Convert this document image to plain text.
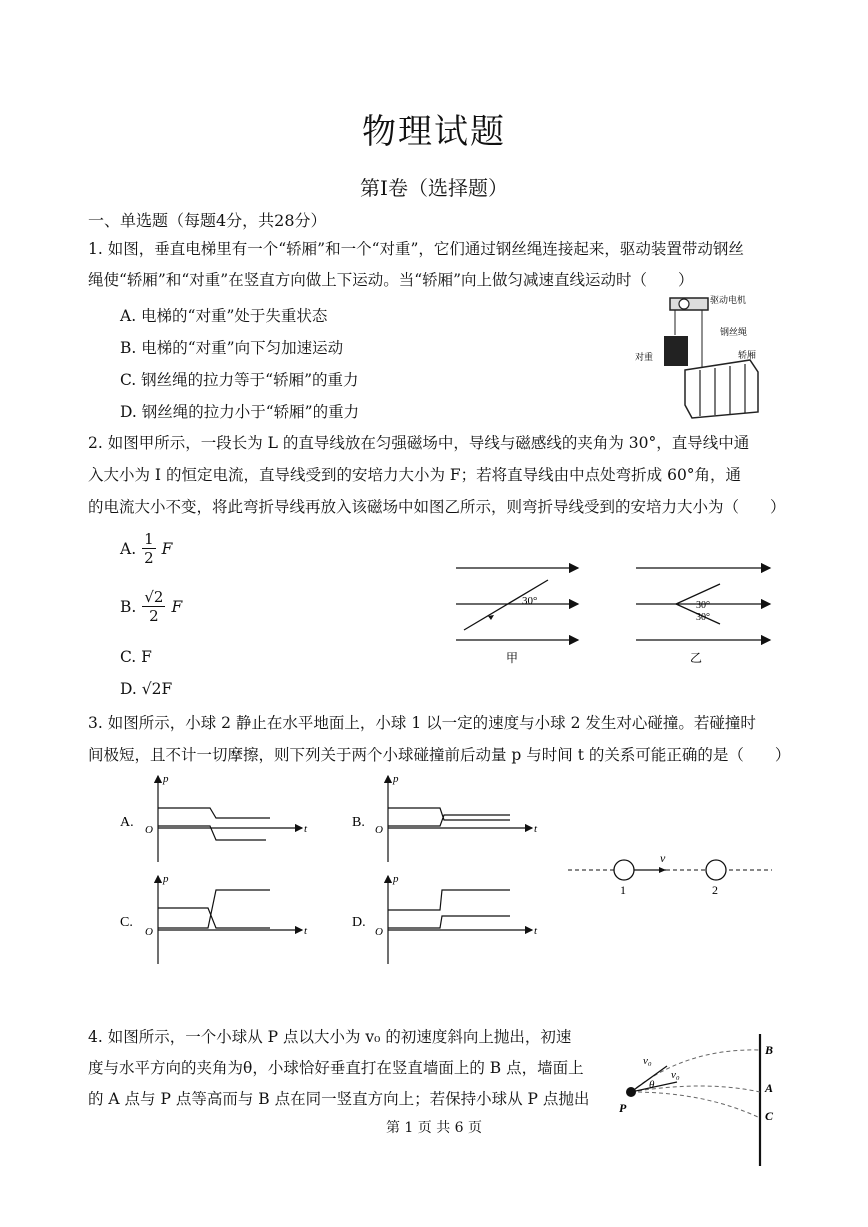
物理试题
第Ⅰ卷（选择题）
一、单选题（每题4分，共28分）
1. 如图，垂直电梯里有一个“轿厢”和一个“对重”，它们通过钢丝绳连接起来，驱动装置带动钢丝
绳使“轿厢”和“对重”在竖直方向做上下运动。当“轿厢”向上做匀减速直线运动时（　　）
A. 电梯的“对重”处于失重状态
B. 电梯的“对重”向下匀加速运动
C. 钢丝绳的拉力等于“轿厢”的重力
D. 钢丝绳的拉力小于“轿厢”的重力
驱动电机
钢丝绳
对重	轿厢
2. 如图甲所示，一段长为 L 的直导线放在匀强磁场中，导线与磁感线的夹角为 30°，直导线中通
入大小为 I 的恒定电流，直导线受到的安培力大小为 F；若将直导线由中点处弯折成 60°角，通
的电流大小不变，将此弯折导线再放入该磁场中如图乙所示，则弯折导线受到的安培力大小为（　　）
A. $\frac{1}{2}$ F
B. $\frac{√2}{2}$ F
C. F
D. √2F
30°
甲
30°
30°
乙
3. 如图所示，小球 2 静止在水平地面上，小球 1 以一定的速度与小球 2 发生对心碰撞。若碰撞时
间极短，且不计一切摩擦，则下列关于两个小球碰撞前后动量 p 与时间 t 的关系可能正确的是（　　）
A.
p
t
O	B.
p
t
O
C.
p
t
O
D.
p
t
O
v
1	2
4. 如图所示，一个小球从 P 点以大小为 v₀ 的初速度斜向上抛出，初速
度与水平方向的夹角为θ，小球恰好垂直打在竖直墙面上的 B 点，墙面上
的 A 点与 P 点等高而与 B 点在同一竖直方向上；若保持小球从 P 点抛出
v₀
v₀
θ
P
B
A
C
第 1 页 共 6 页
